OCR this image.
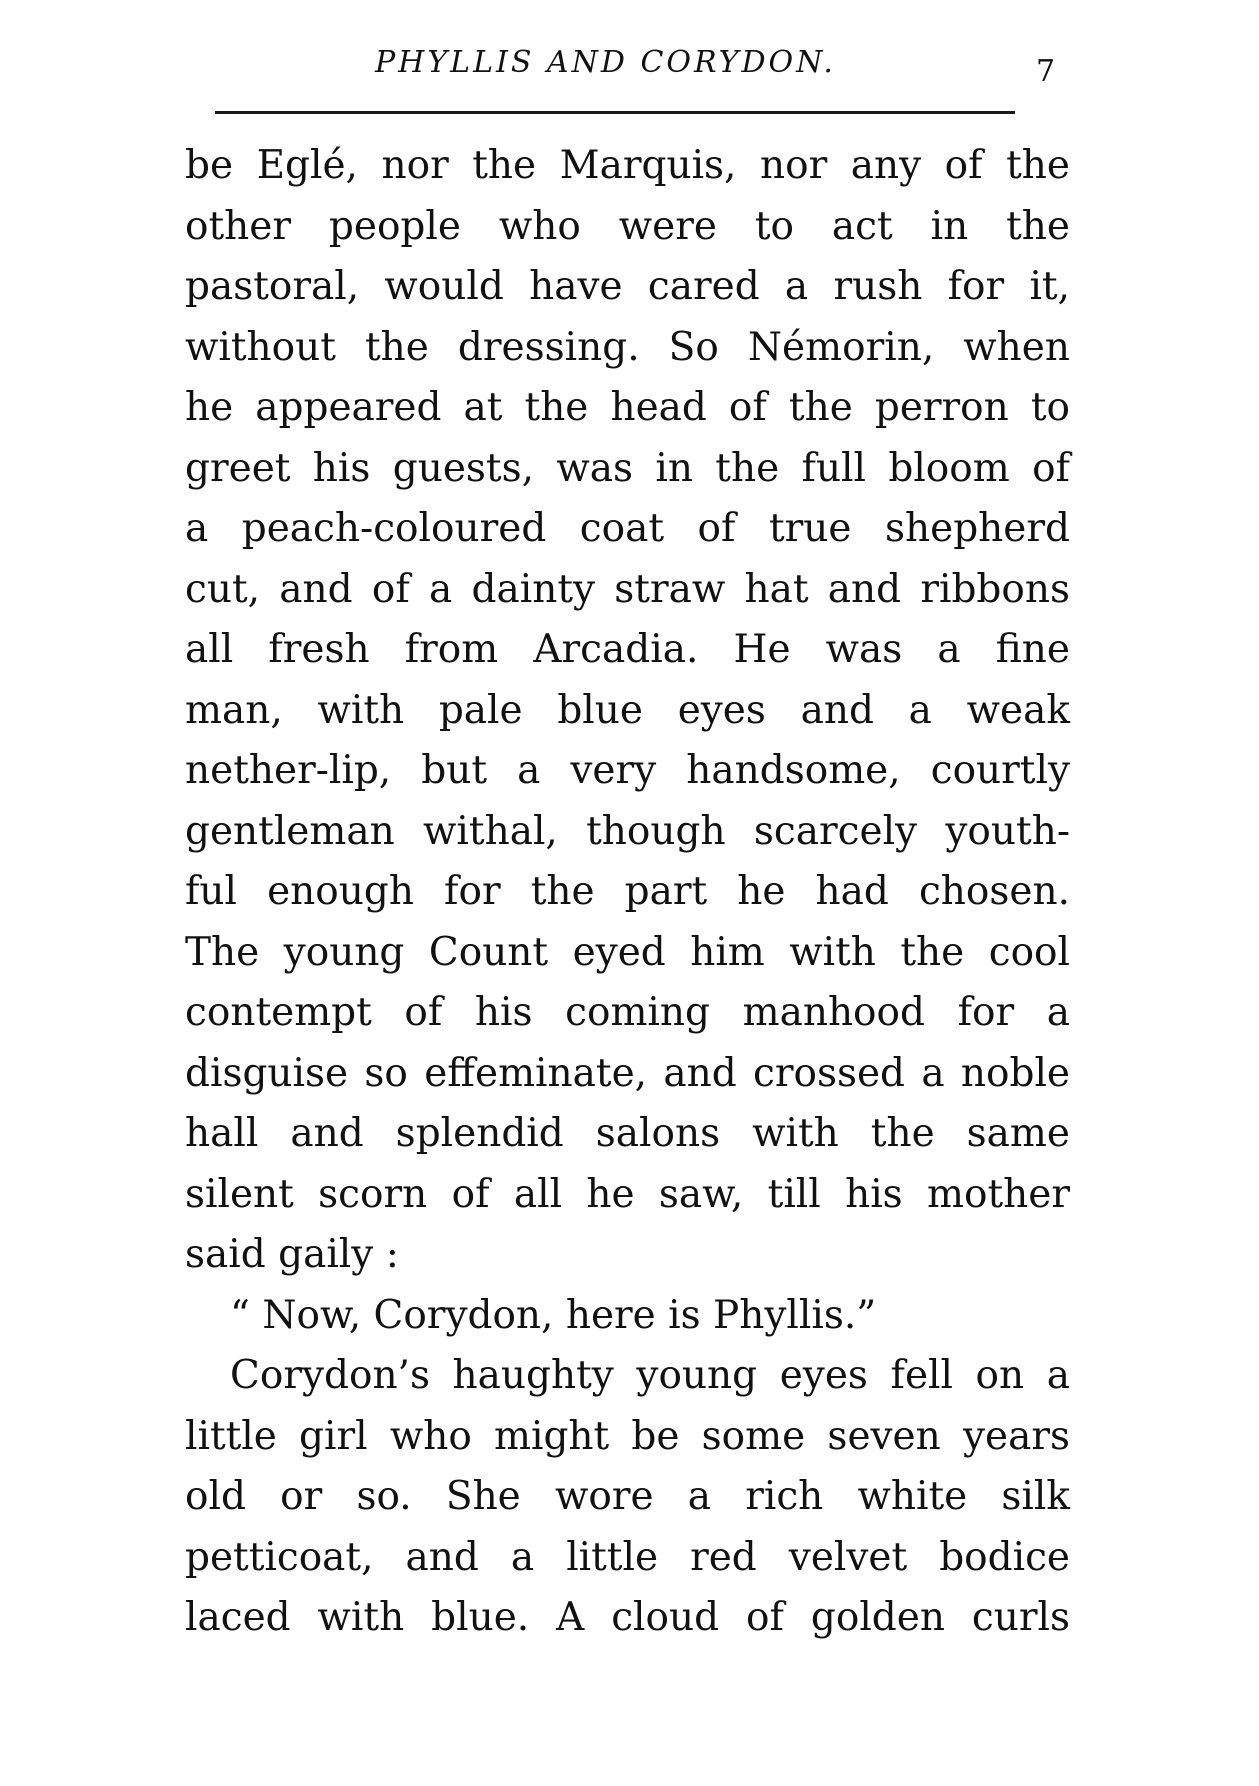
PHYLLIS AND CORYDON.	7
be Eglé, nor the Marquis, nor any of the
other people who were to act in the
pastoral, would have cared a rush for it,
without the dressing. So Némorin, when
he appeared at the head of the perron to
greet his guests, was in the full bloom of
a peach-coloured coat of true shepherd
cut, and of a dainty straw hat and ribbons
all fresh from Arcadia. He was a fine
man, with pale blue eyes and a weak
nether-lip, but a very handsome, courtly
gentleman withal, though scarcely youth-
ful enough for the part he had chosen.
The young Count eyed him with the cool
contempt of his coming manhood for a
disguise so effeminate, and crossed a noble
hall and splendid salons with the same
silent scorn of all he saw, till his mother
said gaily :
“ Now, Corydon, here is Phyllis.”
Corydon’s haughty young eyes fell on a
little girl who might be some seven years
old or so. She wore a rich white silk
petticoat, and a little red velvet bodice
laced with blue. A cloud of golden curls
